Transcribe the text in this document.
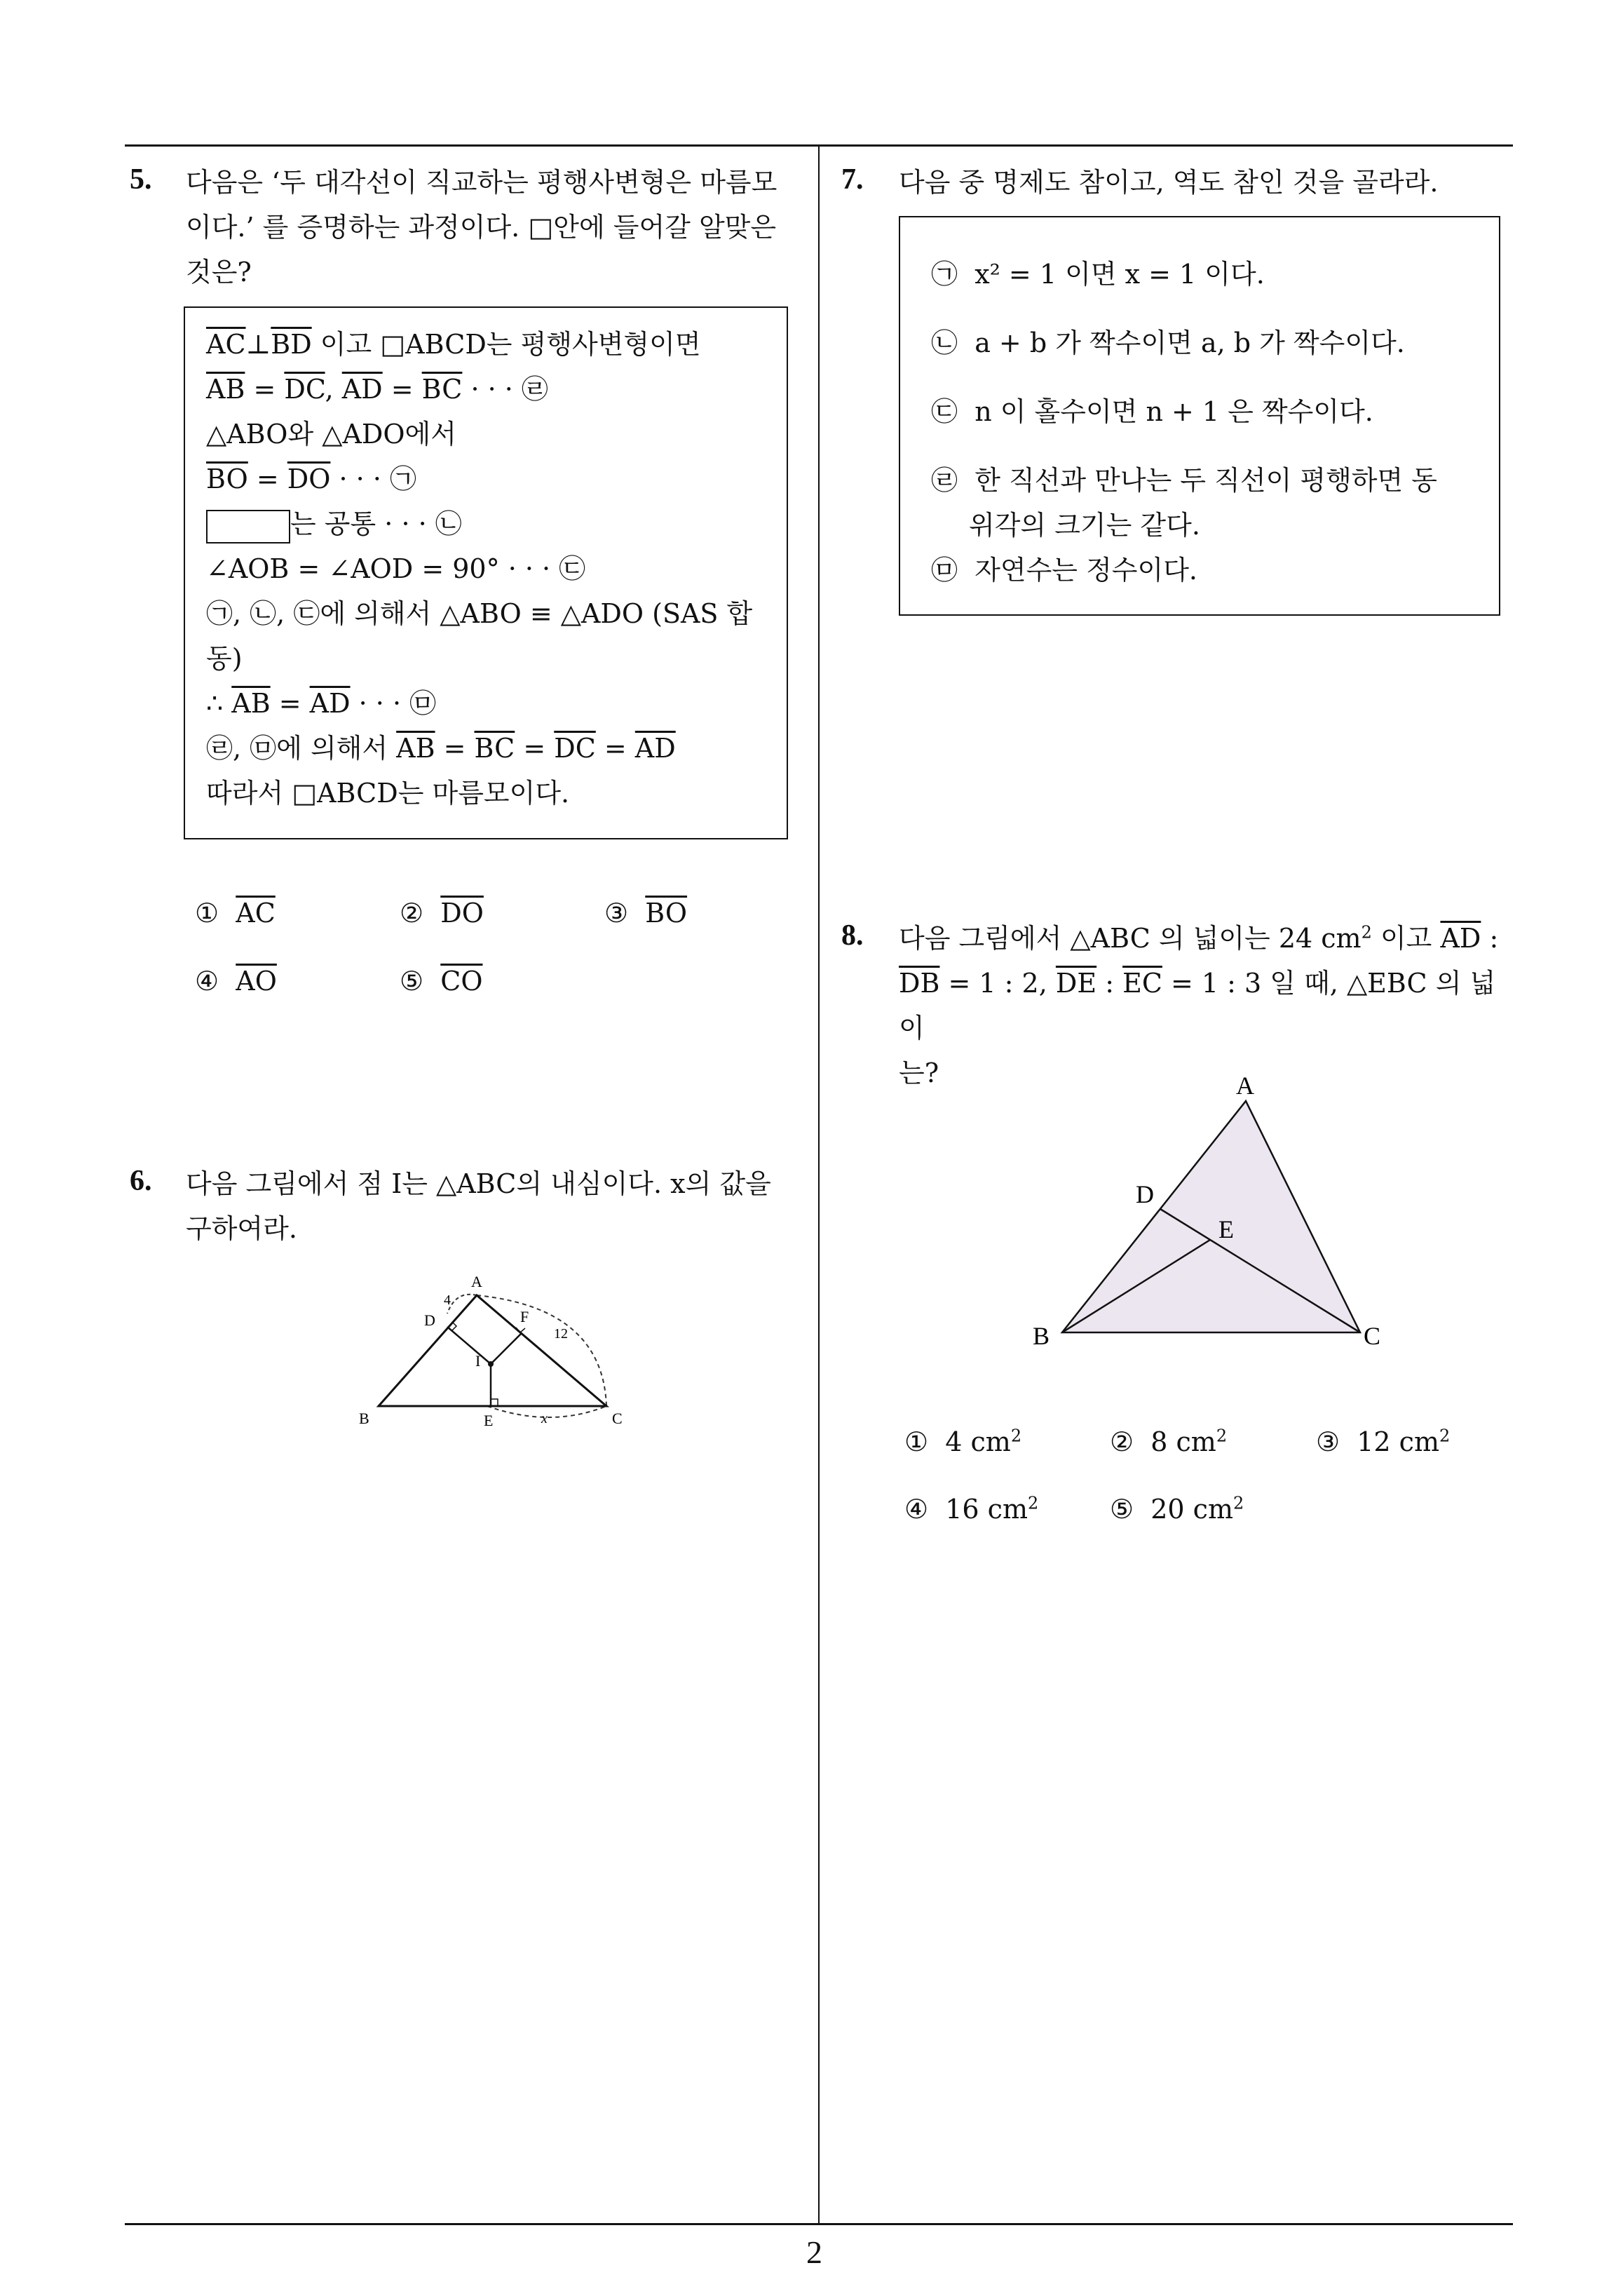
2
5. 다음은 ‘두 대각선이 직교하는 평행사변형은 마름모
이다.’ 를 증명하는 과정이다. □안에 들어갈 알맞은
것은?
$\overline{AC}\perp\overline{BD}$ 이고 □ABCD는 평행사변형이면
$\overline{AB} = \overline{DC}$, $\overline{AD} = \overline{BC}$ · · · ㉣
△ABO와 △ADO에서
$\overline{BO} = \overline{DO}$ · · · ㉠
는 공통 · · · ㉡
∠AOB = ∠AOD = 90° · · · ㉢
㉠, ㉡, ㉢에 의해서 △ABO ≡ △ADO (SAS 합
동)
∴ $\overline{AB} = \overline{AD}$ · · · ㉤
㉣, ㉤에 의해서 $\overline{AB} = \overline{BC} = \overline{DC} = \overline{AD}$
따라서 □ABCD는 마름모이다.
① $\overline{AC}$	② $\overline{DO}$	③ $\overline{BO}$
④ $\overline{AO}$	⑤ $\overline{CO}$
6. 다음 그림에서 점 I는 △ABC의 내심이다. x의 값을
구하여라.
A
B	C
D
E
F
I
4
12
x
7. 다음 중 명제도 참이고, 역도 참인 것을 골라라.
㉠ x² = 1 이면 x = 1 이다.
㉡ a + b 가 짝수이면 a, b 가 짝수이다.
㉢ n 이 홀수이면 n + 1 은 짝수이다.
㉣ 한 직선과 만나는 두 직선이 평행하면 동
위각의 크기는 같다.
㉤ 자연수는 정수이다.
8. 다음 그림에서 △ABC 의 넓이는 24 $cm^2$ 이고 $\overline{AD}$ :
$\overline{DB} = 1$ : 2, $\overline{DE}$ : $\overline{EC} = 1$ : 3 일 때, △EBC 의 넓이
는?	A
B	C
D
E
① 4 $cm^2$	② 8 $cm^2$	③ 12 $cm^2$
④ 16 $cm^2$	⑤ 20 $cm^2$
